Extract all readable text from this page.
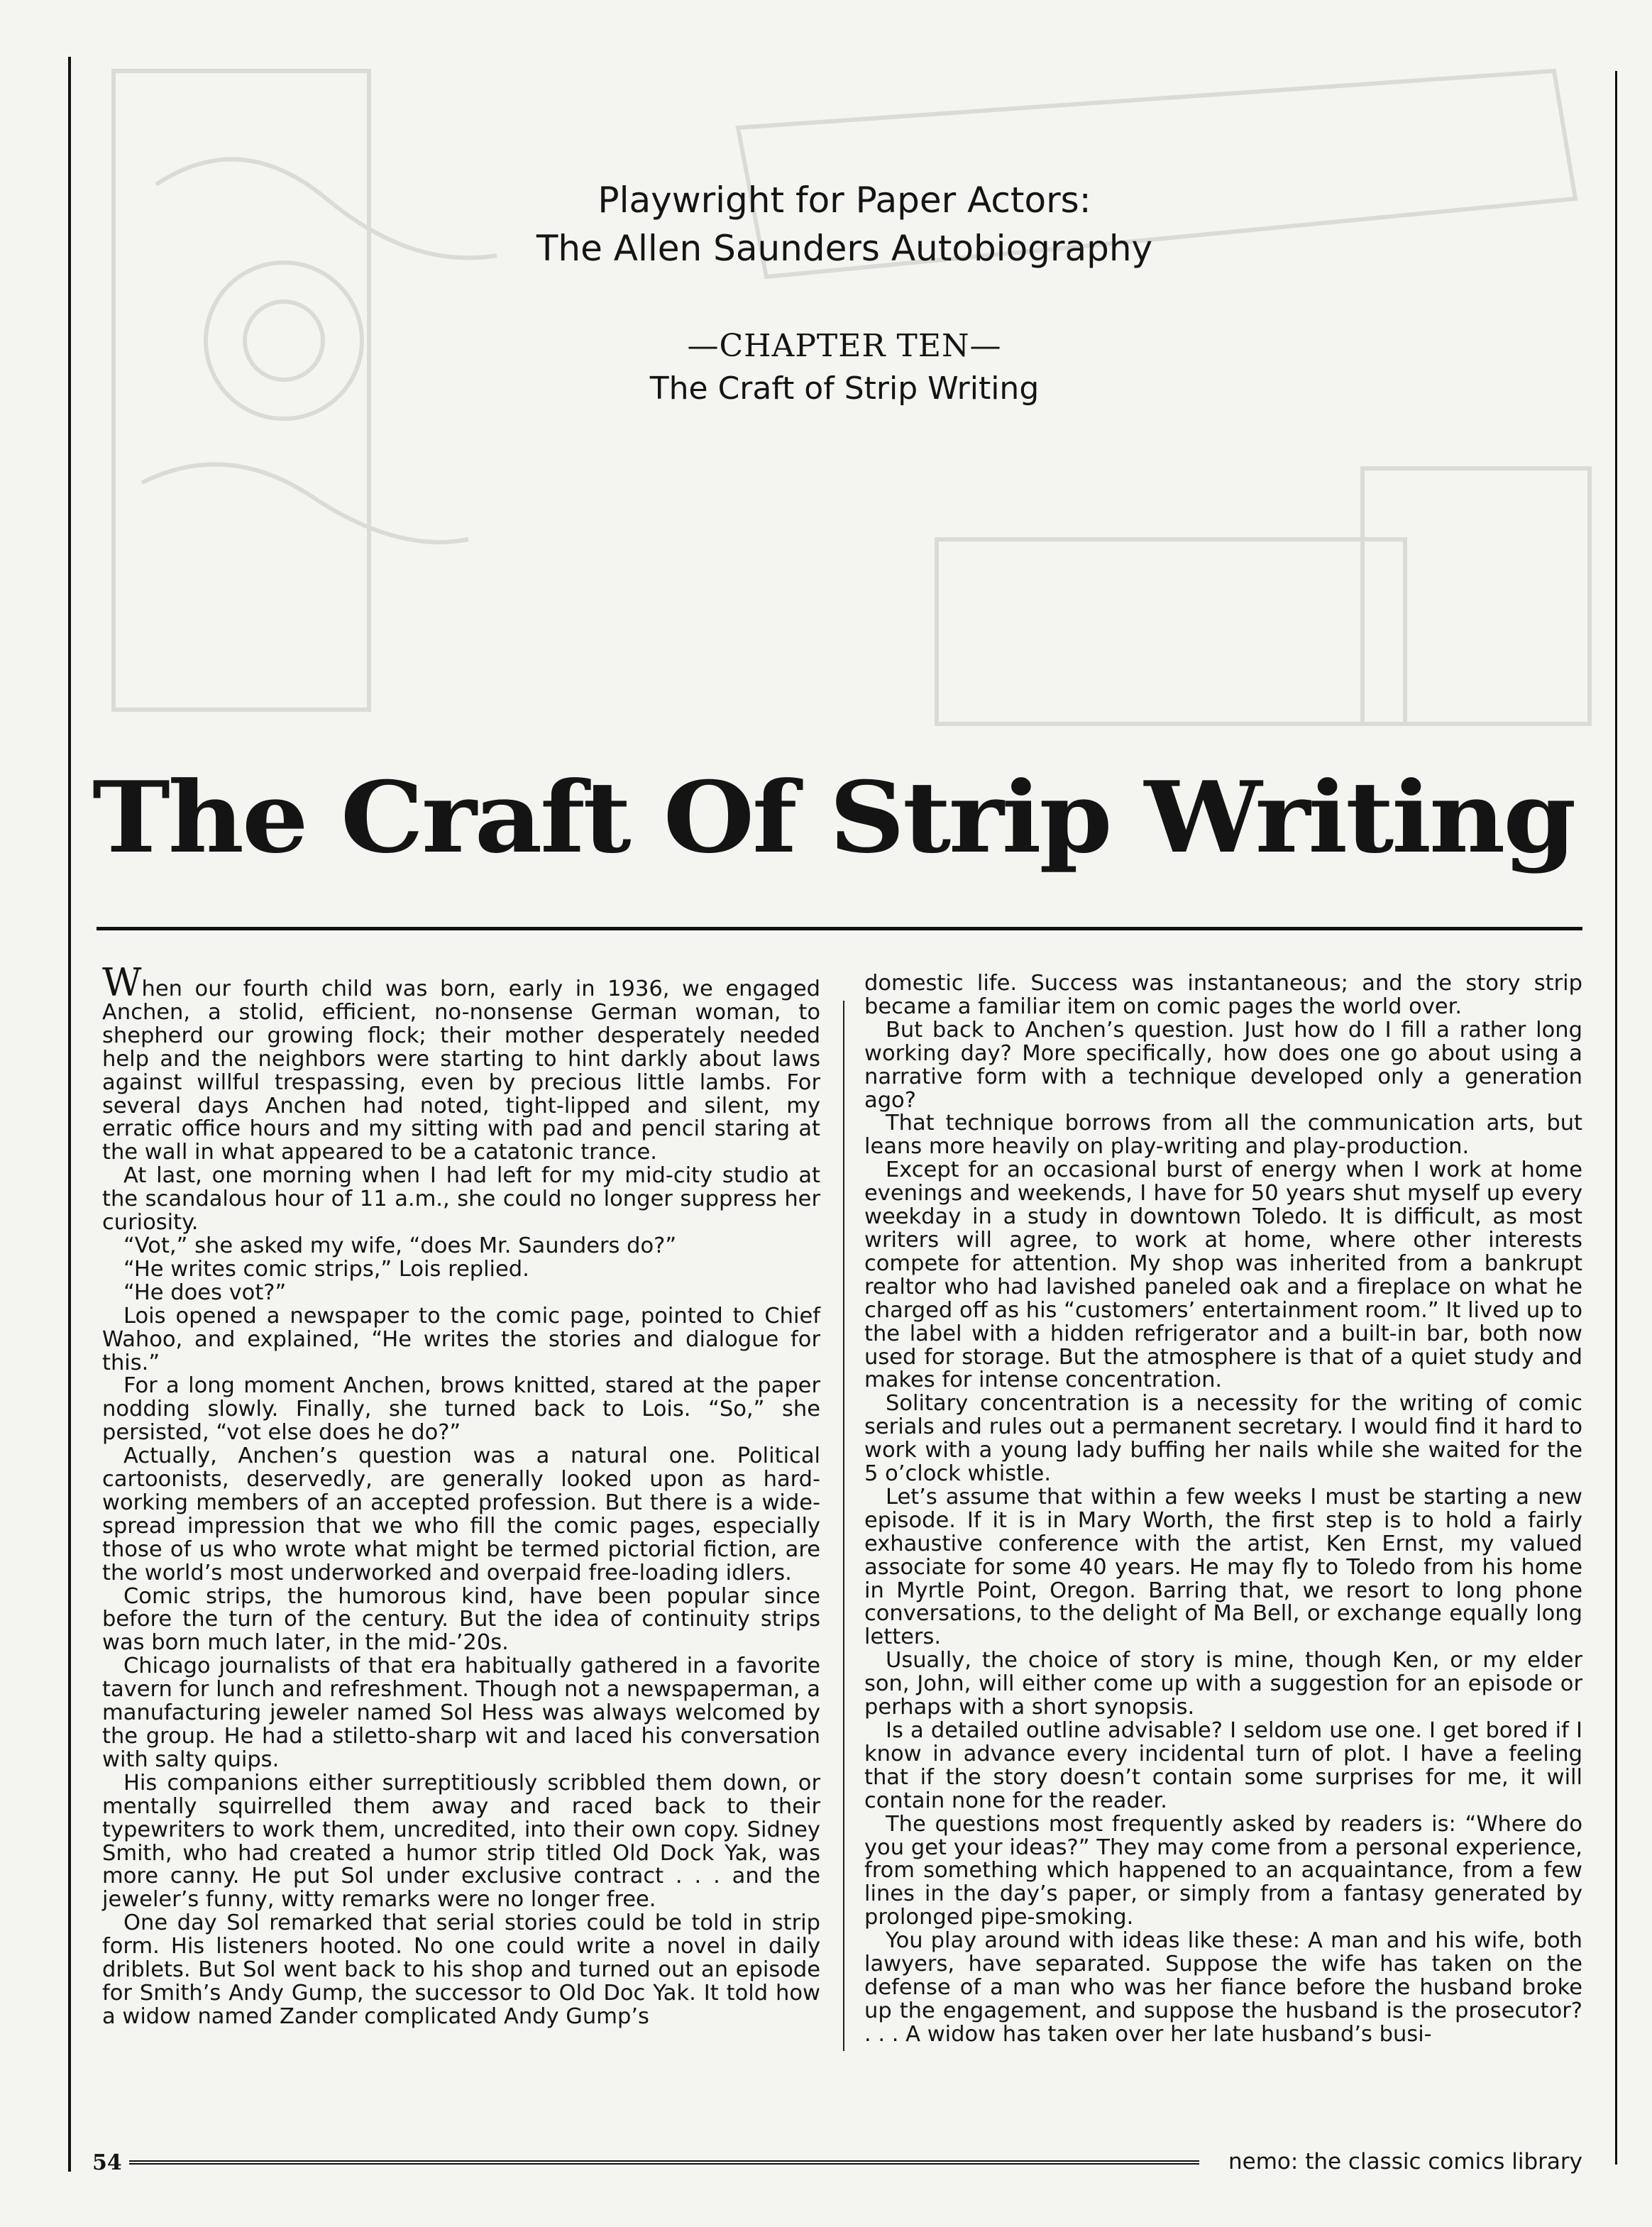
Playwright for Paper Actors:
The Allen Saunders Autobiography
—CHAPTER TEN—
The Craft of Strip Writing
The Craft Of Strip Writing

When our fourth child was born, early in 1936, we engaged Anchen, a stolid, efficient, no-nonsense German woman, to shepherd our growing flock; their mother desperately needed help and the neighbors were starting to hint darkly about laws against willful trespassing, even by precious little lambs. For several days Anchen had noted, tight-lipped and silent, my erratic office hours and my sitting with pad and pencil staring at the wall in what appeared to be a catatonic trance.

At last, one morning when I had left for my mid-city studio at the scandalous hour of 11 a.m., she could no longer suppress her curiosity.

“Vot,” she asked my wife, “does Mr. Saunders do?”

“He writes comic strips,” Lois replied.

“He does vot?”

Lois opened a newspaper to the comic page, pointed to Chief Wahoo, and explained, “He writes the stories and dialogue for this.”

For a long moment Anchen, brows knitted, stared at the paper nodding slowly. Finally, she turned back to Lois. “So,” she persisted, “vot else does he do?”

Actually, Anchen’s question was a natural one. Political cartoonists, deservedly, are generally looked upon as hard-working members of an accepted profession. But there is a wide-spread impression that we who fill the comic pages, especially those of us who wrote what might be termed pictorial fiction, are the world’s most underworked and overpaid free-loading idlers.

Comic strips, the humorous kind, have been popular since before the turn of the century. But the idea of continuity strips was born much later, in the mid-’20s.

Chicago journalists of that era habitually gathered in a favorite tavern for lunch and refreshment. Though not a newspaperman, a manufacturing jeweler named Sol Hess was always welcomed by the group. He had a stiletto-sharp wit and laced his conversation with salty quips.

His companions either surreptitiously scribbled them down, or mentally squirrelled them away and raced back to their typewriters to work them, uncredited, into their own copy. Sidney Smith, who had created a humor strip titled Old Dock Yak, was more canny. He put Sol under exclusive contract . . . and the jeweler’s funny, witty remarks were no longer free.

One day Sol remarked that serial stories could be told in strip form. His listeners hooted. No one could write a novel in daily driblets. But Sol went back to his shop and turned out an episode for Smith’s Andy Gump, the successor to Old Doc Yak. It told how a widow named Zander complicated Andy Gump’s

domestic life. Success was instantaneous; and the story strip became a familiar item on comic pages the world over.

But back to Anchen’s question. Just how do I fill a rather long working day? More specifically, how does one go about using a narrative form with a technique developed only a generation ago?

That technique borrows from all the communication arts, but leans more heavily on play-writing and play-production.

Except for an occasional burst of energy when I work at home evenings and weekends, I have for 50 years shut myself up every weekday in a study in downtown Toledo. It is difficult, as most writers will agree, to work at home, where other interests compete for attention. My shop was inherited from a bankrupt realtor who had lavished paneled oak and a fireplace on what he charged off as his “customers’ entertainment room.” It lived up to the label with a hidden refrigerator and a built-in bar, both now used for storage. But the atmosphere is that of a quiet study and makes for intense concentration.

Solitary concentration is a necessity for the writing of comic serials and rules out a permanent secretary. I would find it hard to work with a young lady buffing her nails while she waited for the 5 o’clock whistle.

Let’s assume that within a few weeks I must be starting a new episode. If it is in Mary Worth, the first step is to hold a fairly exhaustive conference with the artist, Ken Ernst, my valued associate for some 40 years. He may fly to Toledo from his home in Myrtle Point, Oregon. Barring that, we resort to long phone conversations, to the delight of Ma Bell, or exchange equally long letters.

Usually, the choice of story is mine, though Ken, or my elder son, John, will either come up with a suggestion for an episode or perhaps with a short synopsis.

Is a detailed outline advisable? I seldom use one. I get bored if I know in advance every incidental turn of plot. I have a feeling that if the story doesn’t contain some surprises for me, it will contain none for the reader.

The questions most frequently asked by readers is: “Where do you get your ideas?” They may come from a personal experience, from something which happened to an acquaintance, from a few lines in the day’s paper, or simply from a fantasy generated by prolonged pipe-smoking.

You play around with ideas like these: A man and his wife, both lawyers, have separated. Suppose the wife has taken on the defense of a man who was her fiance before the husband broke up the engagement, and suppose the husband is the prosecutor? . . . A widow has taken over her late husband’s busi-

54	nemo: the classic comics library
